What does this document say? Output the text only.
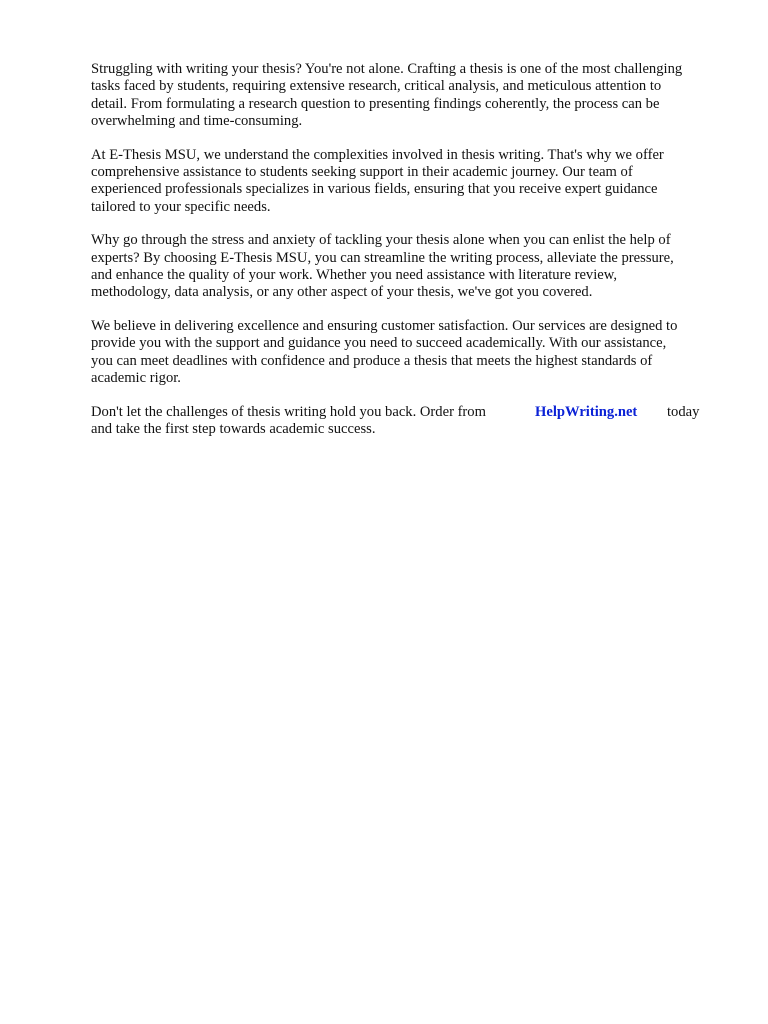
Struggling with writing your thesis? You're not alone. Crafting a thesis is one of the most challenging
tasks faced by students, requiring extensive research, critical analysis, and meticulous attention to
detail. From formulating a research question to presenting findings coherently, the process can be
overwhelming and time-consuming.

At E-Thesis MSU, we understand the complexities involved in thesis writing. That's why we offer
comprehensive assistance to students seeking support in their academic journey. Our team of
experienced professionals specializes in various fields, ensuring that you receive expert guidance
tailored to your specific needs.

Why go through the stress and anxiety of tackling your thesis alone when you can enlist the help of
experts? By choosing E-Thesis MSU, you can streamline the writing process, alleviate the pressure,
and enhance the quality of your work. Whether you need assistance with literature review,
methodology, data analysis, or any other aspect of your thesis, we've got you covered.

We believe in delivering excellence and ensuring customer satisfaction. Our services are designed to
provide you with the support and guidance you need to succeed academically. With our assistance,
you can meet deadlines with confidence and produce a thesis that meets the highest standards of
academic rigor.

Don't let the challenges of thesis writing hold you back. Order from	HelpWriting.net today
and take the first step towards academic success.
